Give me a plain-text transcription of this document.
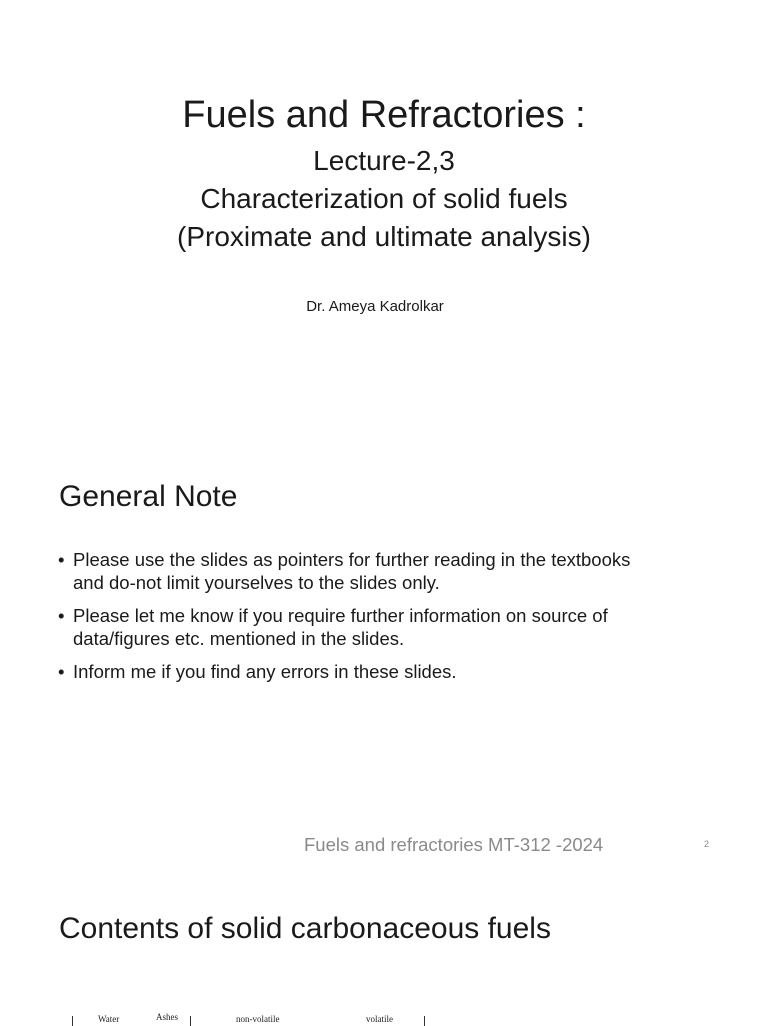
Fuels and Refractories :
Lecture-2,3
Characterization of solid fuels
(Proximate and ultimate analysis)
Dr. Ameya Kadrolkar
General Note
• Please use the slides as pointers for further reading in the textbooks
and do-not limit yourselves to the slides only.
• Please let me know if you require further information on source of
data/figures etc. mentioned in the slides.
• Inform me if you find any errors in these slides.
Fuels and refractories MT-312 -2024	2
Contents of solid carbonaceous fuels
Water	Ashes	non-volatile	volatile
